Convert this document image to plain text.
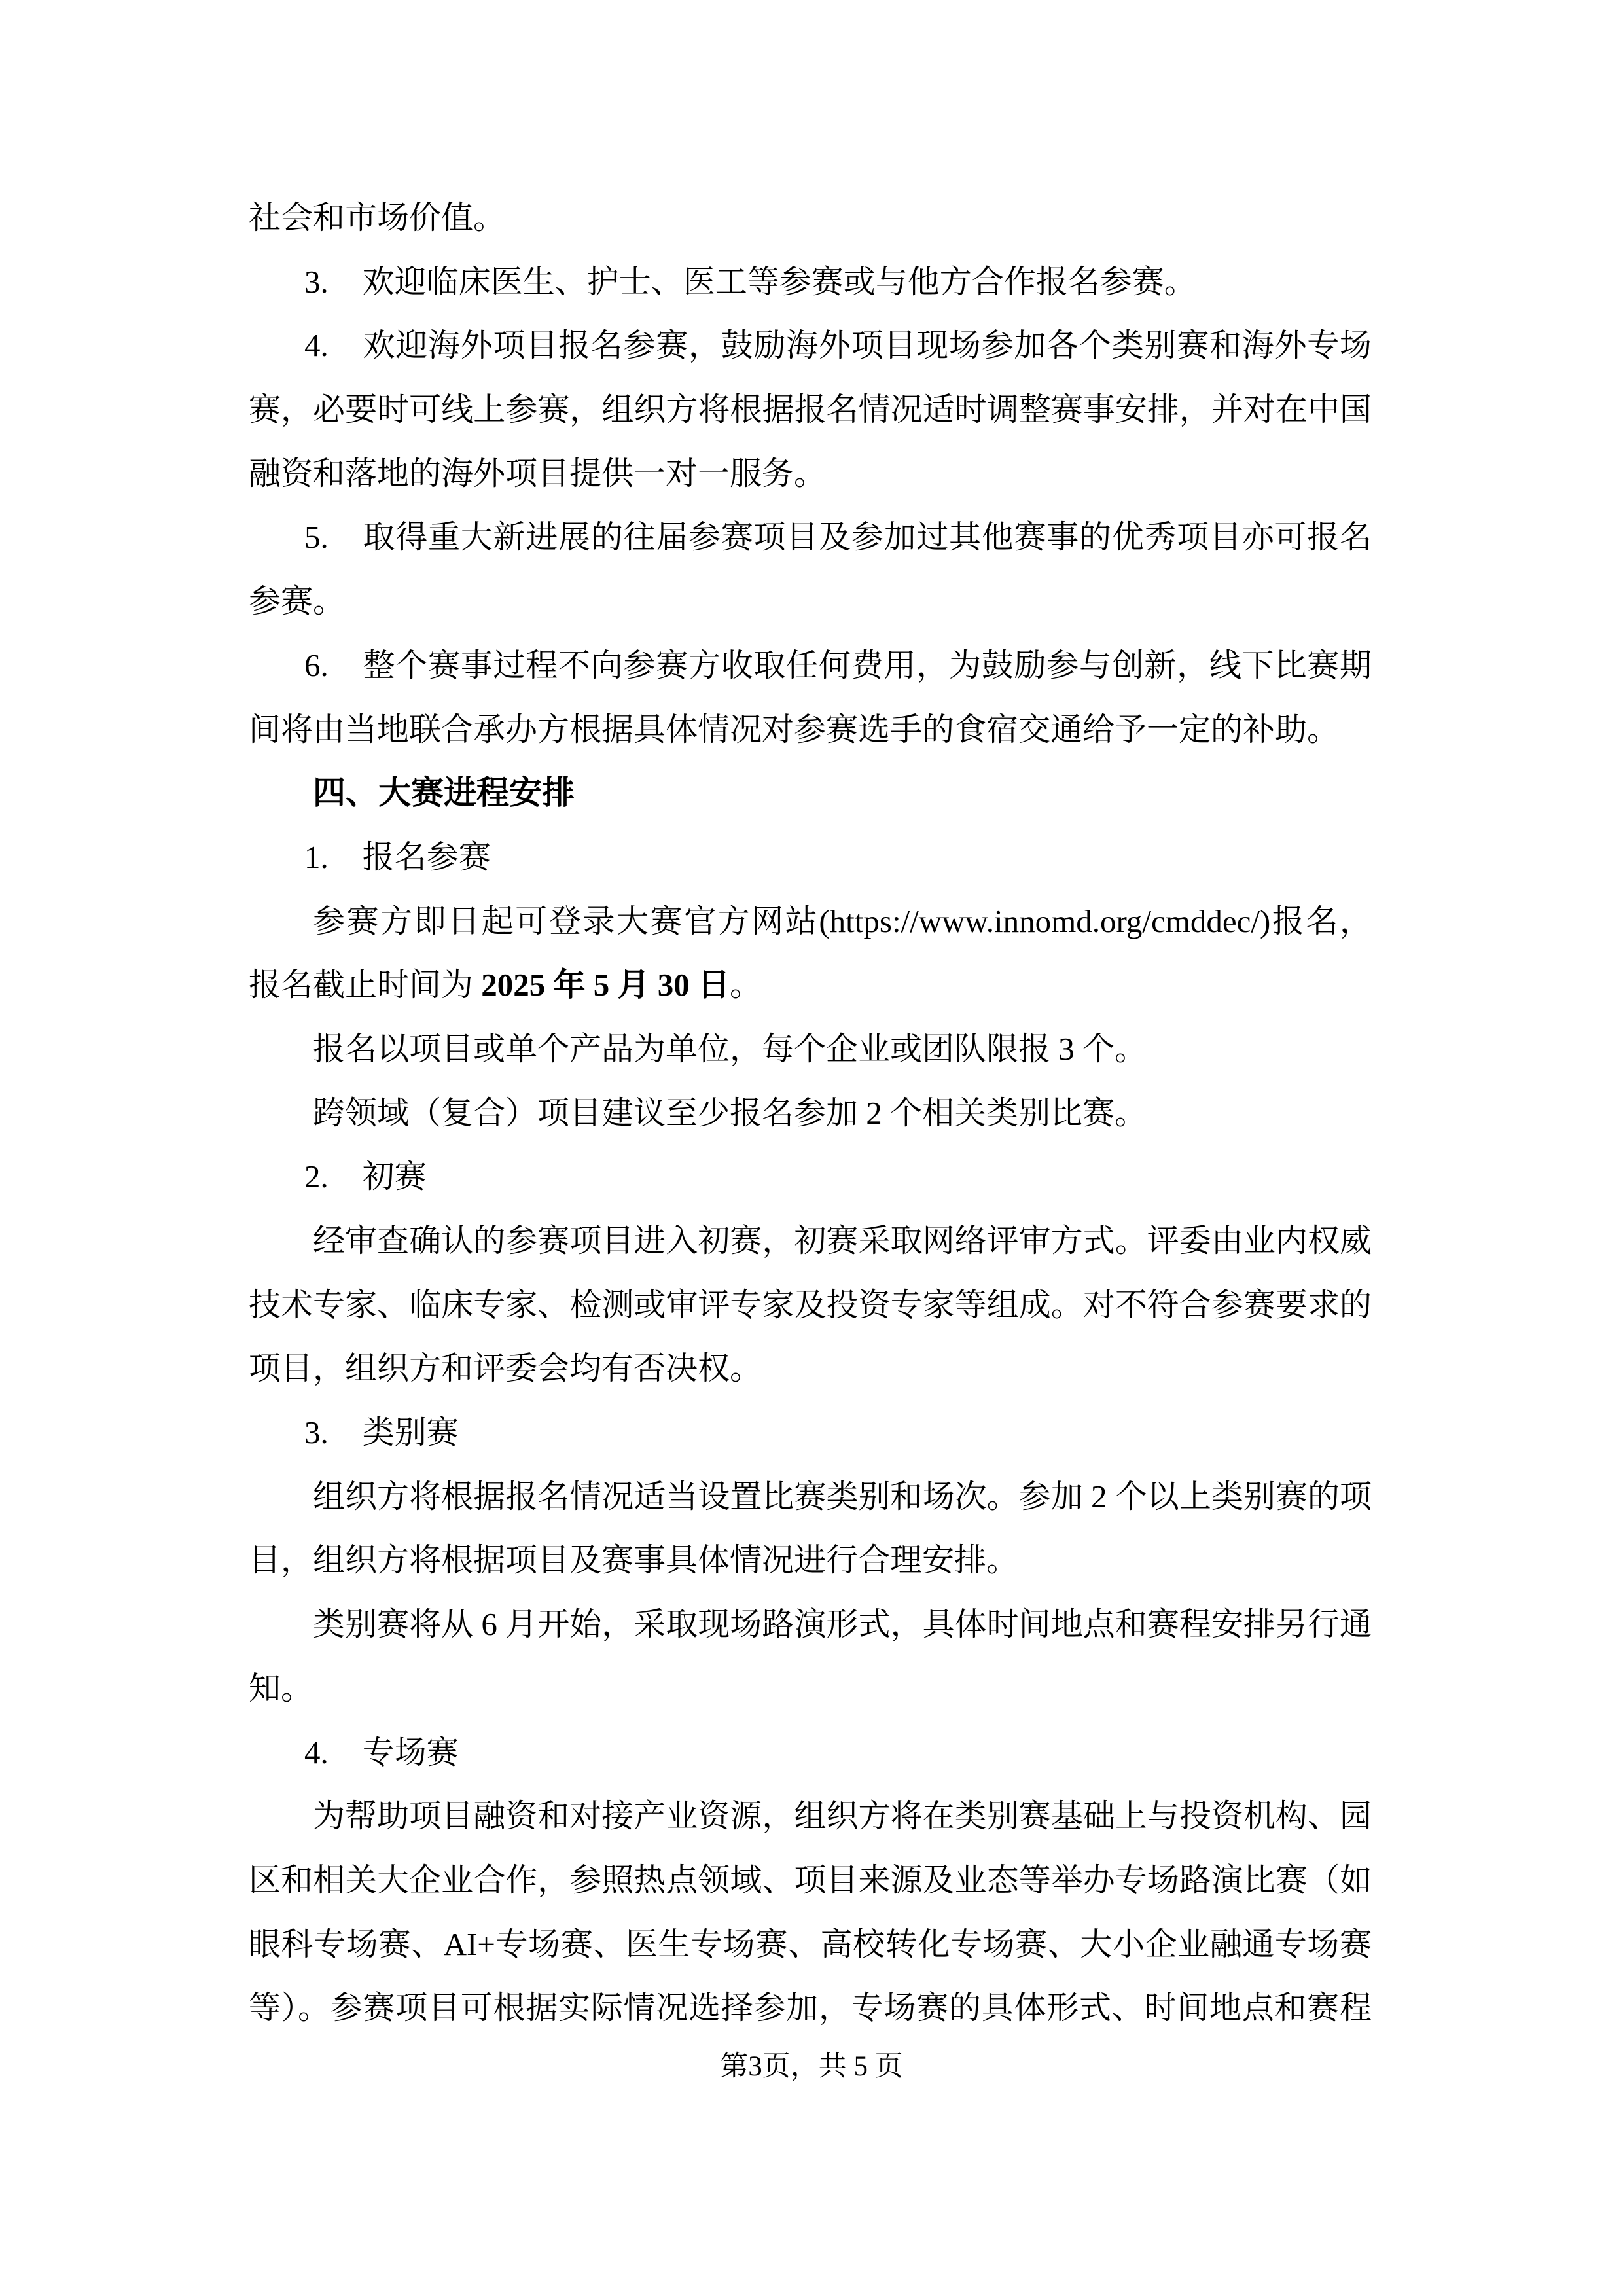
社会和市场价值。
3. 欢迎临床医生、护士、医工等参赛或与他方合作报名参赛。
4. 欢迎海外项目报名参赛，鼓励海外项目现场参加各个类别赛和海外专场
赛，必要时可线上参赛，组织方将根据报名情况适时调整赛事安排，并对在中国
融资和落地的海外项目提供一对一服务。
5. 取得重大新进展的往届参赛项目及参加过其他赛事的优秀项目亦可报名
参赛。
6. 整个赛事过程不向参赛方收取任何费用，为鼓励参与创新，线下比赛期
间将由当地联合承办方根据具体情况对参赛选手的食宿交通给予一定的补助。
四、大赛进程安排
1. 报名参赛
参赛方即日起可登录大赛官方网站(https://www.innomd.org/cmddec/)报名，
报名截止时间为 2025 年 5 月 30 日。
报名以项目或单个产品为单位，每个企业或团队限报 3 个。
跨领域（复合）项目建议至少报名参加 2 个相关类别比赛。
2. 初赛
经审查确认的参赛项目进入初赛，初赛采取网络评审方式。评委由业内权威
技术专家、临床专家、检测或审评专家及投资专家等组成。对不符合参赛要求的
项目，组织方和评委会均有否决权。
3. 类别赛
组织方将根据报名情况适当设置比赛类别和场次。参加 2 个以上类别赛的项
目，组织方将根据项目及赛事具体情况进行合理安排。
类别赛将从 6 月开始，采取现场路演形式，具体时间地点和赛程安排另行通
知。
4. 专场赛
为帮助项目融资和对接产业资源，组织方将在类别赛基础上与投资机构、园
区和相关大企业合作，参照热点领域、项目来源及业态等举办专场路演比赛（如
眼科专场赛、AI+专场赛、医生专场赛、高校转化专场赛、大小企业融通专场赛
等）。参赛项目可根据实际情况选择参加，专场赛的具体形式、时间地点和赛程
第3页，共 5 页
